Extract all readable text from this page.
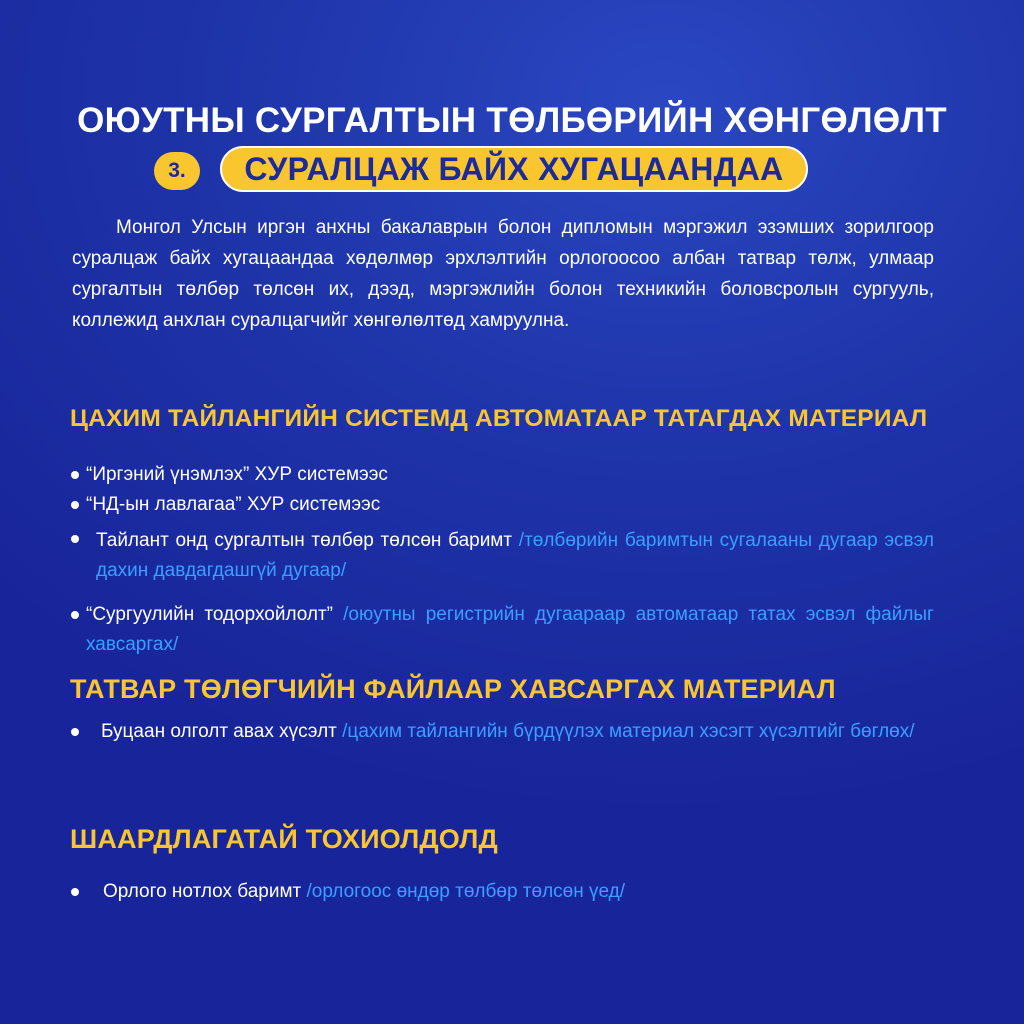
ОЮУТНЫ СУРГАЛТЫН ТӨЛБӨРИЙН ХӨНГӨЛӨЛТ
3.	СУРАЛЦАЖ БАЙХ ХУГАЦААНДАА

Монгол Улсын иргэн анхны бакалаврын болон дипломын мэргэжил эзэмших зорилгоор суралцаж байх хугацаандаа хөдөлмөр эрхлэлтийн орлогоосоо албан татвар төлж, улмаар сургалтын төлбөр төлсөн их, дээд, мэргэжлийн болон техникийн боловсролын сургууль, коллежид анхлан суралцагчийг хөнгөлөлтөд хамруулна.

ЦАХИМ ТАЙЛАНГИЙН СИСТЕМД АВТОМАТААР ТАТАГДАХ МАТЕРИАЛ
“Иргэний үнэмлэх” ХУР системээс
“НД-ын лавлагаа” ХУР системээс
Тайлант онд сургалтын төлбөр төлсөн баримт /төлбөрийн баримтын сугалааны дугаар эсвэл дахин давдагдашгүй дугаар/
“Сургуулийн тодорхойлолт” /оюутны регистрийн дугаараар автоматаар татах эсвэл файлыг хавсаргах/
ТАТВАР ТӨЛӨГЧИЙН ФАЙЛААР ХАВСАРГАХ МАТЕРИАЛ
Буцаан олголт авах хүсэлт /цахим тайлангийн бүрдүүлэх материал хэсэгт хүсэлтийг бөглөх/
ШААРДЛАГАТАЙ ТОХИОЛДОЛД
Орлого нотлох баримт /орлогоос өндөр төлбөр төлсөн үед/
